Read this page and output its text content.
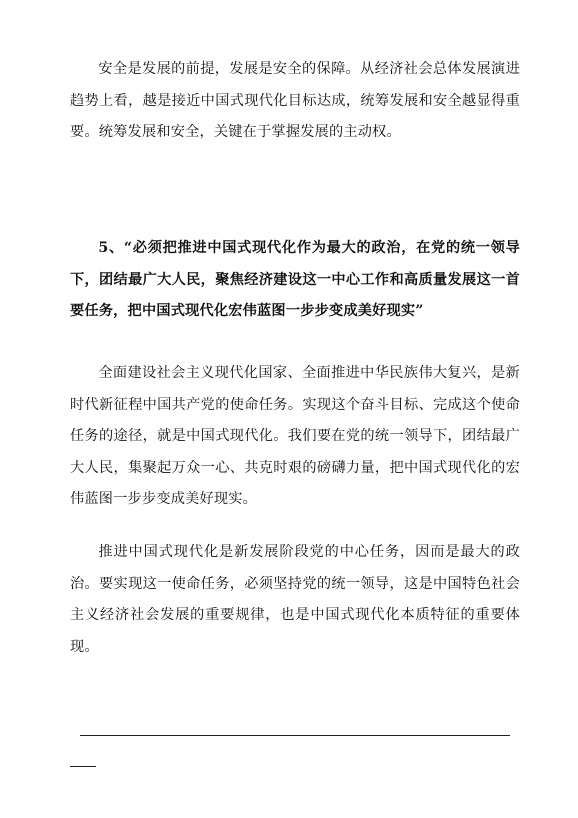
安全是发展的前提，发展是安全的保障。从经济社会总体发展演进趋势上看，越是接近中国式现代化目标达成，统筹发展和安全越显得重要。统筹发展和安全，关键在于掌握发展的主动权。

5、“必须把推进中国式现代化作为最大的政治，在党的统一领导下，团结最广大人民，聚焦经济建设这一中心工作和高质量发展这一首要任务，把中国式现代化宏伟蓝图一步步变成美好现实”

全面建设社会主义现代化国家、全面推进中华民族伟大复兴，是新时代新征程中国共产党的使命任务。实现这个奋斗目标、完成这个使命任务的途径，就是中国式现代化。我们要在党的统一领导下，团结最广大人民，集聚起万众一心、共克时艰的磅礴力量，把中国式现代化的宏伟蓝图一步步变成美好现实。

推进中国式现代化是新发展阶段党的中心任务，因而是最大的政治。要实现这一使命任务，必须坚持党的统一领导，这是中国特色社会主义经济社会发展的重要规律，也是中国式现代化本质特征的重要体现。
